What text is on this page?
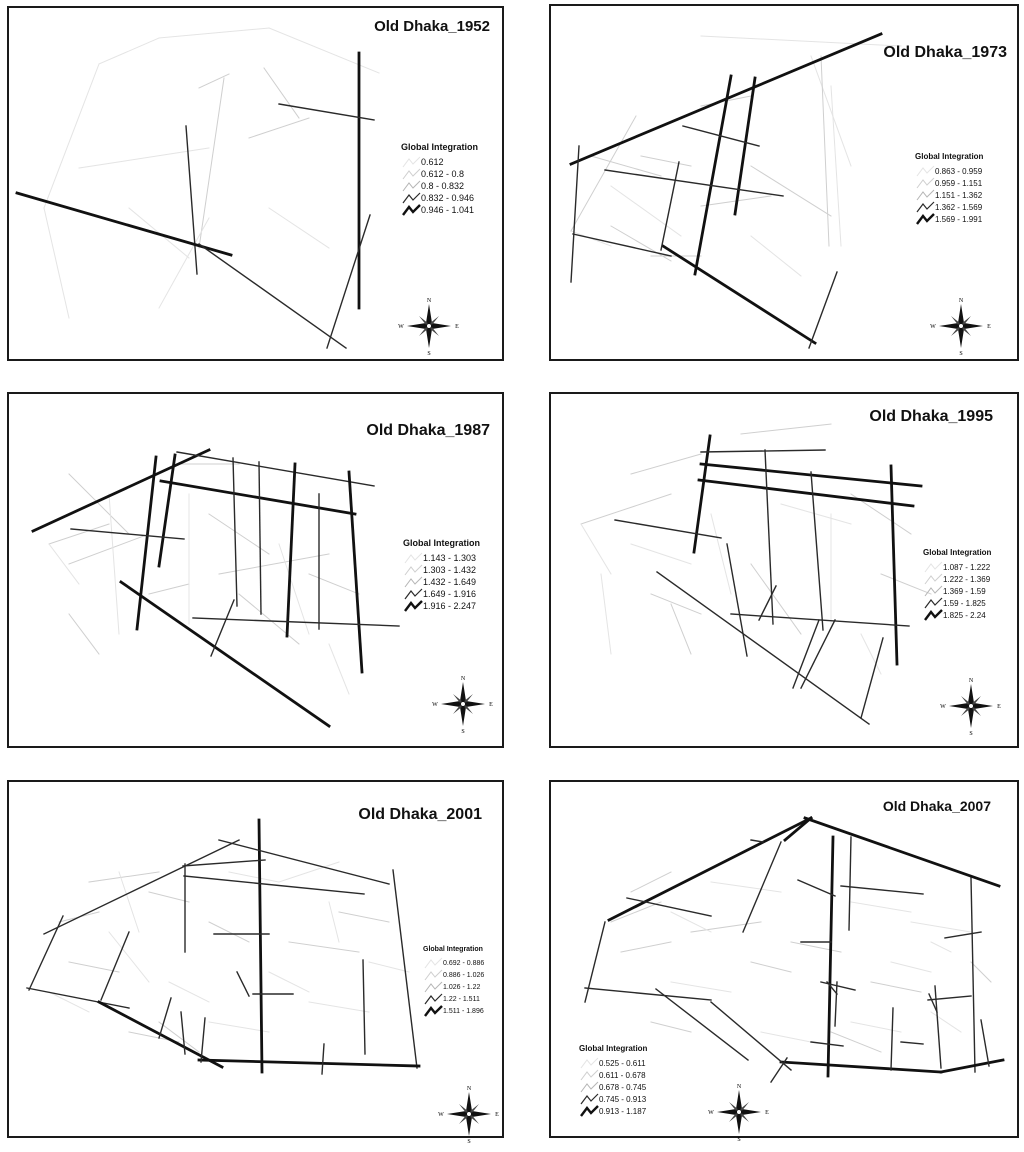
Old Dhaka_1952
Global Integration
0.612
0.612 - 0.8
0.8 - 0.832
0.832 - 0.946
0.946 - 1.041
N
S
E
W
Old Dhaka_1973
Global Integration
0.863 - 0.959
0.959 - 1.151
1.151 - 1.362
1.362 - 1.569
1.569 - 1.991
N
S
E
W
Old Dhaka_1987
Global Integration
1.143 - 1.303
1.303 - 1.432
1.432 - 1.649
1.649 - 1.916
1.916 - 2.247
N
S
E
W
Old Dhaka_1995
Global Integration
1.087 - 1.222
1.222 - 1.369
1.369 - 1.59
1.59 - 1.825
1.825 - 2.24
N
S
E
W
Old Dhaka_2001
Global Integration
0.692 - 0.886
0.886 - 1.026
1.026 - 1.22
1.22 - 1.511
1.511 - 1.896
N
S
E
W
Old Dhaka_2007
Global Integration
0.525 - 0.611
0.611 - 0.678
0.678 - 0.745
0.745 - 0.913
0.913 - 1.187
N
S
E
W
